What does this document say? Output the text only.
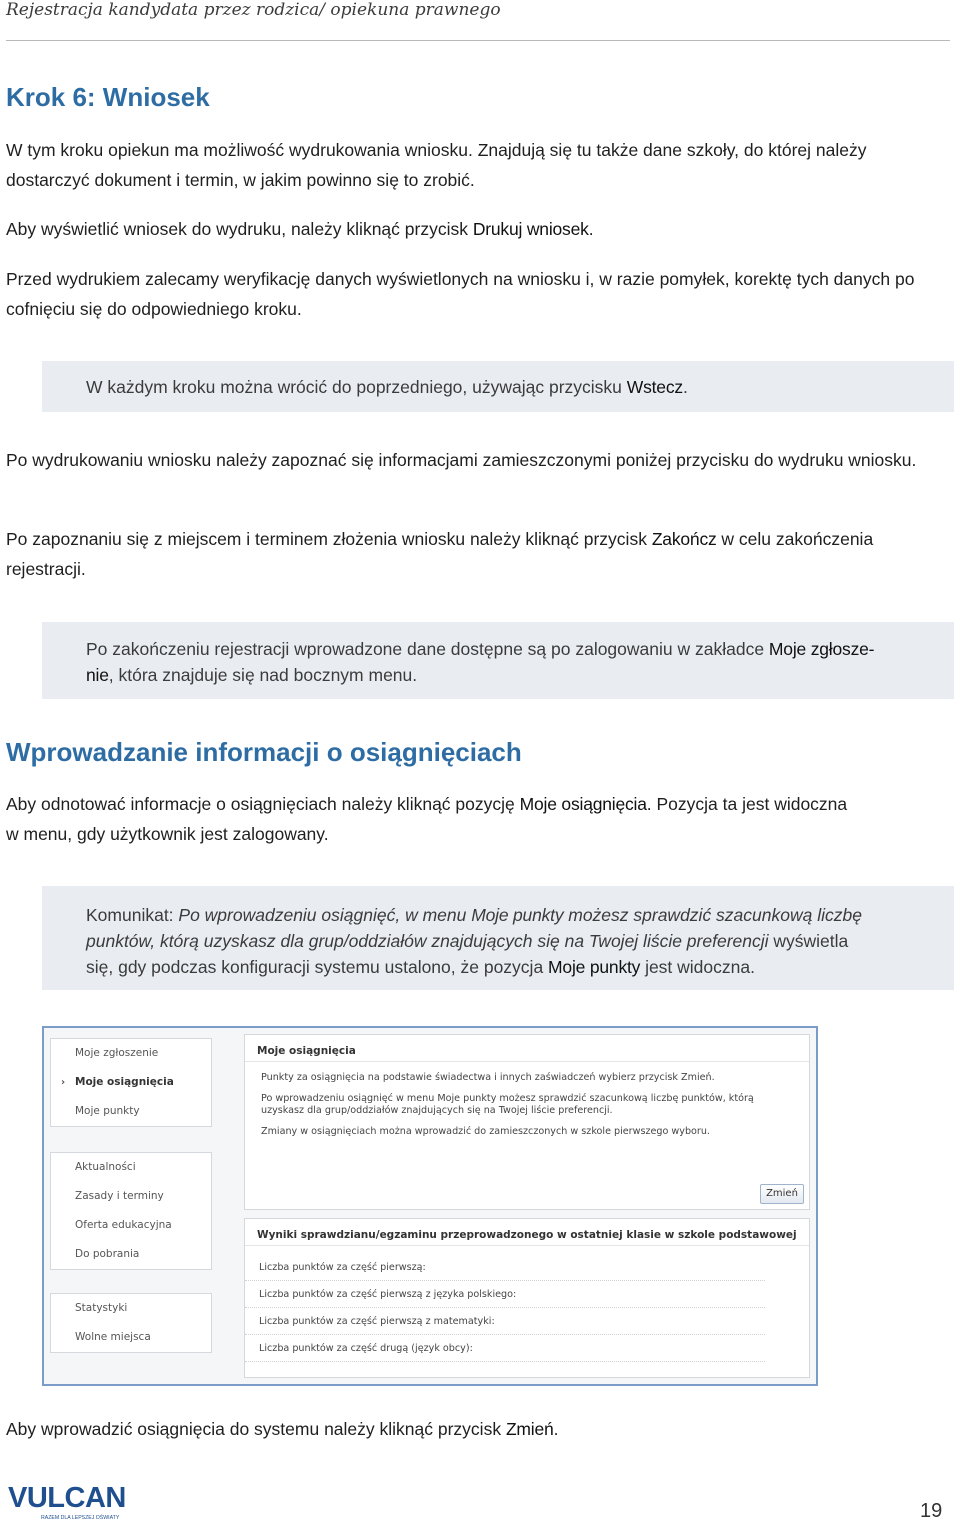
Rejestracja kandydata przez rodzica/ opiekuna prawnego
Krok 6: Wniosek
W tym kroku opiekun ma możliwość wydrukowania wniosku. Znajdują się tu także dane szkoły, do której należy dostarczyć dokument i termin, w jakim powinno się to zrobić.
Aby wyświetlić wniosek do wydruku, należy kliknąć przycisk Drukuj wniosek.
Przed wydrukiem zalecamy weryfikację danych wyświetlonych na wniosku i, w razie pomyłek, korektę tych danych po cofnięciu się do odpowiedniego kroku.

W każdym kroku można wrócić do poprzedniego, używając przycisku Wstecz.

Po wydrukowaniu wniosku należy zapoznać się informacjami zamieszczonymi poniżej przycisku do wydruku wniosku.
Po zapoznaniu się z miejscem i terminem złożenia wniosku należy kliknąć przycisk Zakończ w celu zakończenia rejestracji.

Po zakończeniu rejestracji wprowadzone dane dostępne są po zalogowaniu w zakładce Moje zgłosze-

nie, która znajduje się nad bocznym menu.

Wprowadzanie informacji o osiągnięciach
Aby odnotować informacje o osiągnięciach należy kliknąć pozycję Moje osiągnięcia. Pozycja ta jest widoczna
w menu, gdy użytkownik jest zalogowany.

Komunikat: Po wprowadzeniu osiągnięć, w menu Moje punkty możesz sprawdzić szacunkową liczbę

punktów, którą uzyskasz dla grup/oddziałów znajdujących się na Twojej liście preferencji wyświetla

się, gdy podczas konfiguracji systemu ustalono, że pozycja Moje punkty jest widoczna.

Moje zgłoszenie
› Moje osiągnięcia
Moje punkty
Aktualności
Zasady i terminy
Oferta edukacyjna
Do pobrania
Statystyki
Wolne miejsca
Moje osiągnięcia
Punkty za osiągnięcia na podstawie świadectwa i innych zaświadczeń wybierz przycisk Zmień.
Po wprowadzeniu osiągnięć w menu Moje punkty możesz sprawdzić szacunkową liczbę punktów, którą
uzyskasz dla grup/oddziałów znajdujących się na Twojej liście preferencji.
Zmiany w osiągnięciach można wprowadzić do zamieszczonych w szkole pierwszego wyboru.
Zmień
Wyniki sprawdzianu/egzaminu przeprowadzonego w ostatniej klasie w szkole podstawowej
Liczba punktów za część pierwszą:
Liczba punktów za część pierwszą z języka polskiego:
Liczba punktów za część pierwszą z matematyki:
Liczba punktów za część drugą (język obcy):
Aby wprowadzić osiągnięcia do systemu należy kliknąć przycisk Zmień.
VULCAN
RAZEM DLA LEPSZEJ OŚWIATY	19
